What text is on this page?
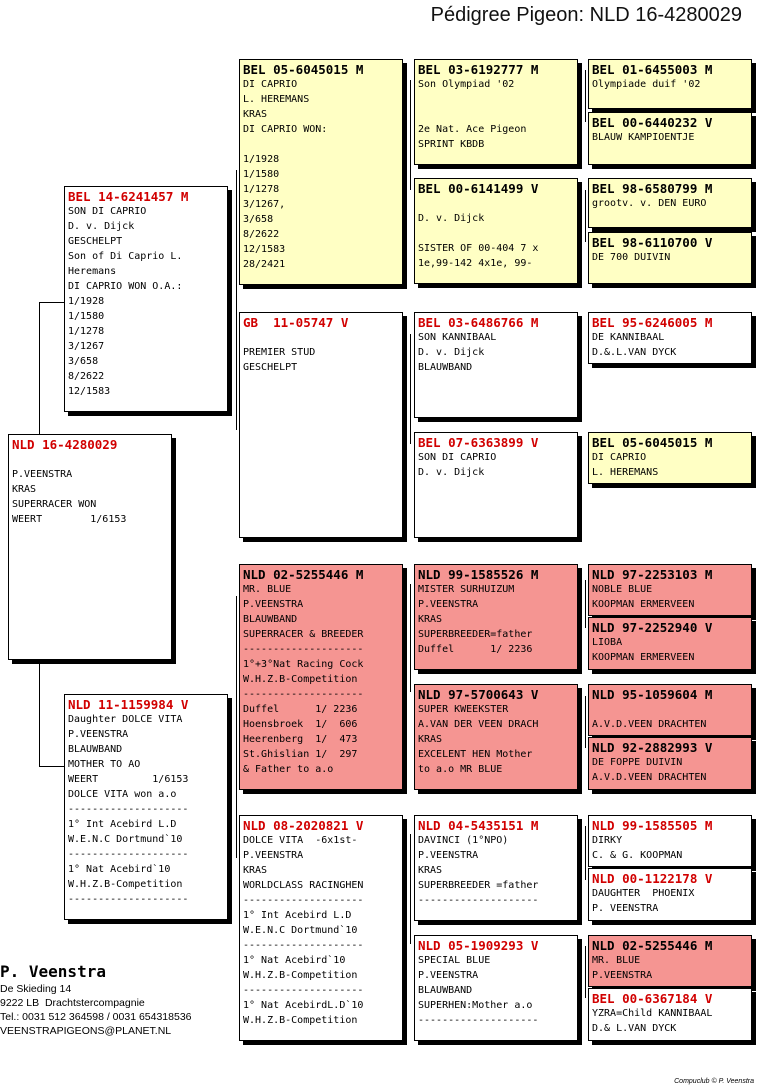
Pédigree Pigeon: NLD 16-4280029
NLD 16-4280029
P.VEENSTRA
KRAS
SUPERRACER WON
WEERT        1/6153
BEL 14-6241457 M
SON DI CAPRIO
D. v. Dijck
GESCHELPT
Son of Di Caprio L.
Heremans
DI CAPRIO WON O.A.:
1/1928
1/1580
1/1278
3/1267
3/658
8/2622
12/1583
NLD 11-1159984 V
Daughter DOLCE VITA
P.VEENSTRA
BLAUWBAND
MOTHER TO AO
WEERT         1/6153
DOLCE VITA won a.o
--------------------
1° Int Acebird L.D
W.E.N.C Dortmund`10
--------------------
1° Nat Acebird`10
W.H.Z.B-Competition
--------------------
BEL 05-6045015 M
DI CAPRIO
L. HEREMANS
KRAS
DI CAPRIO WON:
1/1928
1/1580
1/1278
3/1267,
3/658
8/2622
12/1583
28/2421
GB  11-05747 V
PREMIER STUD
GESCHELPT
NLD 02-5255446 M
MR. BLUE
P.VEENSTRA
BLAUWBAND
SUPERRACER & BREEDER
--------------------
1°+3°Nat Racing Cock
W.H.Z.B-Competition
--------------------
Duffel      1/ 2236
Hoensbroek  1/  606
Heerenberg  1/  473
St.Ghislian 1/  297
& Father to a.o
NLD 08-2020821 V
DOLCE VITA  -6x1st-
P.VEENSTRA
KRAS
WORLDCLASS RACINGHEN
--------------------
1° Int Acebird L.D
W.E.N.C Dortmund`10
--------------------
1° Nat Acebird`10
W.H.Z.B-Competition
--------------------
1° Nat AcebirdL.D`10
W.H.Z.B-Competition
BEL 03-6192777 M
Son Olympiad '02
2e Nat. Ace Pigeon
SPRINT KBDB
BEL 00-6141499 V
D. v. Dijck
SISTER OF 00-404 7 x
1e,99-142 4x1e, 99-
BEL 03-6486766 M
SON KANNIBAAL
D. v. Dijck
BLAUWBAND
BEL 07-6363899 V
SON DI CAPRIO
D. v. Dijck
NLD 99-1585526 M
MISTER SURHUIZUM
P.VEENSTRA
KRAS
SUPERBREEDER=father
Duffel      1/ 2236
NLD 97-5700643 V
SUPER KWEEKSTER
A.VAN DER VEEN DRACH
KRAS
EXCELENT HEN Mother
to a.o MR BLUE
NLD 04-5435151 M
DAVINCI (1°NPO)
P.VEENSTRA
KRAS
SUPERBREEDER =father
--------------------
NLD 05-1909293 V
SPECIAL BLUE
P.VEENSTRA
BLAUWBAND
SUPERHEN:Mother a.o
--------------------
BEL 01-6455003 M
Olympiade duif '02
BEL 00-6440232 V
BLAUW KAMPIOENTJE
BEL 98-6580799 M
grootv. v. DEN EURO
BEL 98-6110700 V
DE 700 DUIVIN
BEL 95-6246005 M
DE KANNIBAAL
D.&.L.VAN DYCK
BEL 05-6045015 M
DI CAPRIO
L. HEREMANS
NLD 97-2253103 M
NOBLE BLUE
KOOPMAN ERMERVEEN
NLD 97-2252940 V
LIOBA
KOOPMAN ERMERVEEN
NLD 95-1059604 M
A.V.D.VEEN DRACHTEN
NLD 92-2882993 V
DE FOPPE DUIVIN
A.V.D.VEEN DRACHTEN
NLD 99-1585505 M
DIRKY
C. & G. KOOPMAN
NLD 00-1122178 V
DAUGHTER  PHOENIX
P. VEENSTRA
NLD 02-5255446 M
MR. BLUE
P.VEENSTRA
BEL 00-6367184 V
YZRA=Child KANNIBAAL
D.& L.VAN DYCK
P. Veenstra
De Skieding 14
9222 LB  Drachtstercompagnie
Tel.: 0031 512 364598 / 0031 654318536
VEENSTRAPIGEONS@PLANET.NL
Compuclub © P. Veenstra
